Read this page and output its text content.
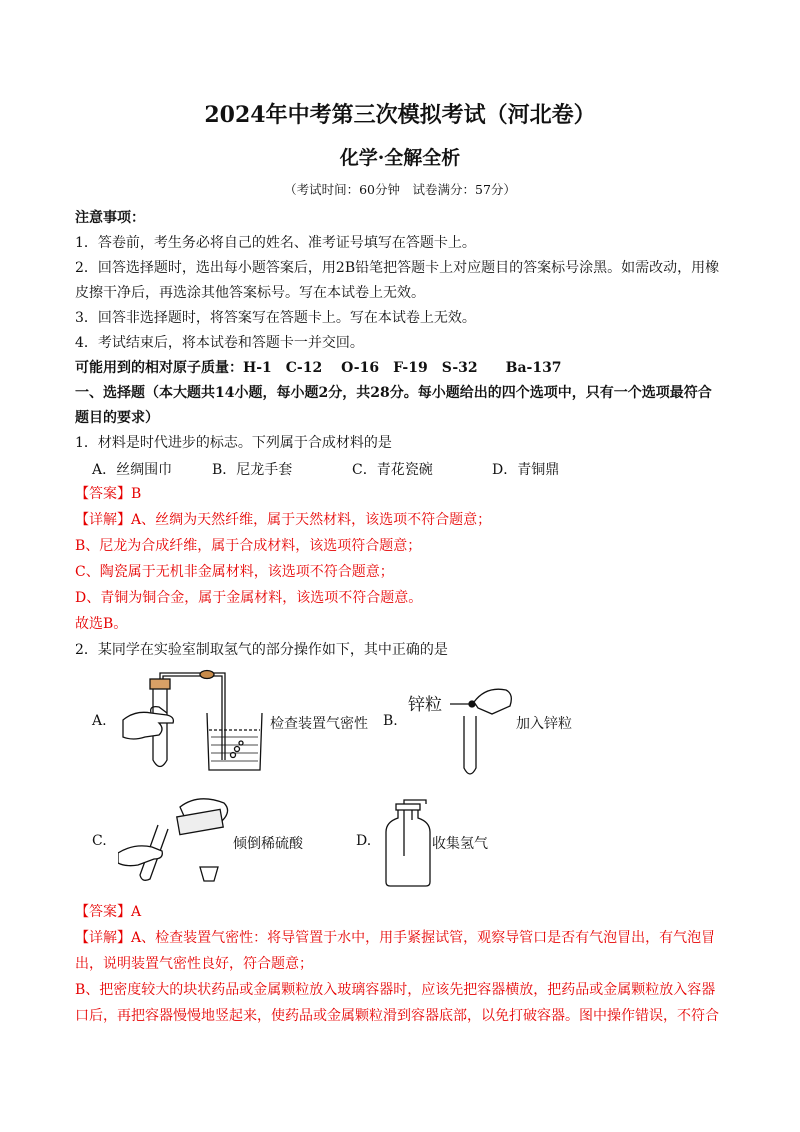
2024年中考第三次模拟考试（河北卷）
化学·全解全析
（考试时间：60分钟　试卷满分：57分）
注意事项：
1．答卷前，考生务必将自己的姓名、准考证号填写在答题卡上。
2．回答选择题时，选出每小题答案后，用2B铅笔把答题卡上对应题目的答案标号涂黑。如需改动，用橡
皮擦干净后，再选涂其他答案标号。写在本试卷上无效。
3．回答非选择题时，将答案写在答题卡上。写在本试卷上无效。
4．考试结束后，将本试卷和答题卡一并交回。
可能用到的相对原子质量：H-1　C-12　 O-16　F-19　S-32　　Ba-137
一、选择题（本大题共14小题，每小题2分，共28分。每小题给出的四个选项中，只有一个选项最符合
题目的要求）
1．材料是时代进步的标志。下列属于合成材料的是
A．丝绸围巾	B．尼龙手套	C．青花瓷碗	D．青铜鼎
【答案】B
【详解】A、丝绸为天然纤维，属于天然材料，该选项不符合题意；
B、尼龙为合成纤维，属于合成材料，该选项符合题意；
C、陶瓷属于无机非金属材料，该选项不符合题意；
D、青铜为铜合金，属于金属材料，该选项不符合题意。
故选B。
2．某同学在实验室制取氢气的部分操作如下，其中正确的是
A.	检查装置气密性 B.
锌粒
加入锌粒
C.	倾倒稀硫酸	D.	收集氢气
【答案】A
【详解】A、检查装置气密性：将导管置于水中，用手紧握试管，观察导管口是否有气泡冒出，有气泡冒
出，说明装置气密性良好，符合题意；
B、把密度较大的块状药品或金属颗粒放入玻璃容器时，应该先把容器横放，把药品或金属颗粒放入容器
口后，再把容器慢慢地竖起来，使药品或金属颗粒滑到容器底部，以免打破容器。图中操作错误，不符合
